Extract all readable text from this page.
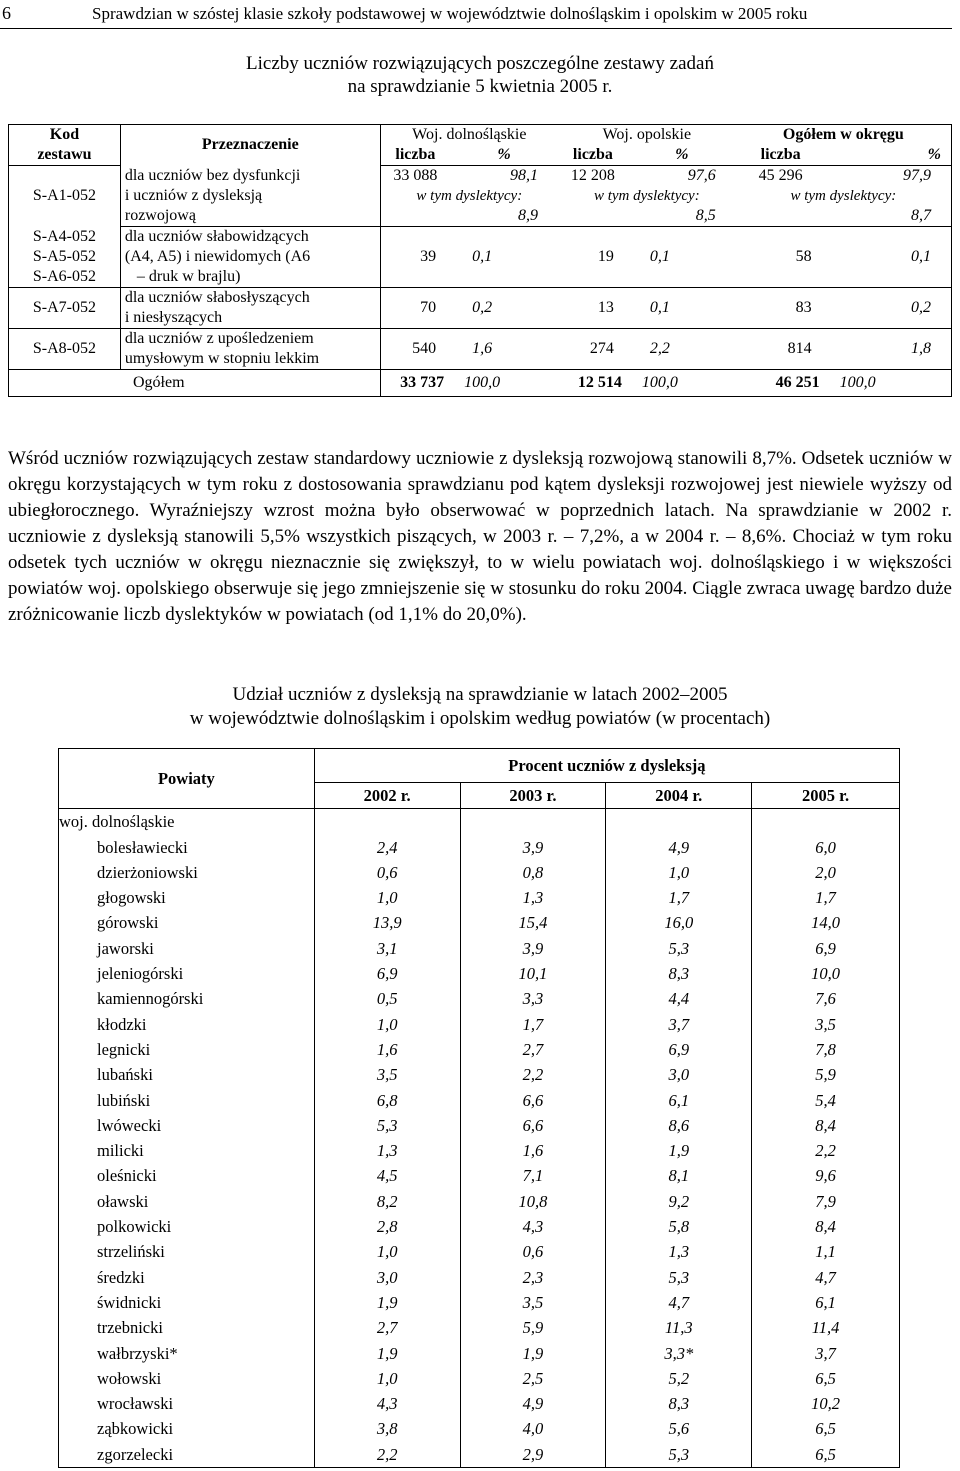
6	Sprawdzian w szóstej klasie szkoły podstawowej w województwie dolnośląskim i opolskim w 2005 roku
Liczby uczniów rozwiązujących poszczególne zestawy zadań
na sprawdzianie 5 kwietnia 2005 r.
Kod	Przeznaczenie	Woj. dolnośląskie		Woj. opolskie		Ogółem w okręgu	
zestawu		liczba	%	liczba	%	liczba	%
S-A1-052	dla uczniów bez dysfunkcji	33 088	98,1	12 208	97,6	45 296	97,9
	i uczniów z dysleksją	w tym dyslektycy:		w tym dyslektycy:		w tym dyslektycy:	
	rozwojową		8,9		8,5		8,7

S-A4-052	dla uczniów słabowidzących	39	0,1	19	0,1	58	0,1
S-A5-052	(A4, A5) i niewidomych (A6						
S-A6-052	– druk w brajlu)						
S-A7-052	dla uczniów słabosłyszących	70	0,2	13	0,1	83	0,2
	i niesłyszących						
S-A8-052	dla uczniów z upośledzeniem	540	1,6	274	2,2	814	1,8
	umysłowym w stopniu lekkim						
Ogółem		33 737	100,0	12 514	100,0	46 251	100,0

Wśród uczniów rozwiązujących zestaw standardowy uczniowie z dysleksją rozwojową stanowili 8,7%. Odsetek uczniów w okręgu korzystających w tym roku z dostosowania sprawdzianu pod kątem dysleksji rozwojowej jest niewiele wyższy od ubiegłorocznego. Wyraźniejszy wzrost można było obserwować w poprzednich latach. Na sprawdzianie w 2002 r. uczniowie z dysleksją stanowili 5,5% wszystkich piszących, w 2003 r. – 7,2%, a w 2004 r. – 8,6%. Chociaż w tym roku odsetek tych uczniów w okręgu nieznacznie się zwiększył, to w wielu powiatach woj. dolnośląskiego i w większości powiatów woj. opolskiego obserwuje się jego zmniejszenie się w stosunku do roku 2004. Ciągle zwraca uwagę bardzo duże zróżnicowanie liczb dyslektyków w powiatach (od 1,1% do 20,0%).

Udział uczniów z dysleksją na sprawdzianie w latach 2002–2005
w województwie dolnośląskim i opolskim według powiatów (w procentach)
Powiaty	Procent uczniów z dysleksją			
	2002 r.	2003 r.	2004 r.	2005 r.
woj. dolnośląskie				
bolesławiecki	2,4	3,9	4,9	6,0
dzierżoniowski	0,6	0,8	1,0	2,0
głogowski	1,0	1,3	1,7	1,7
górowski	13,9	15,4	16,0	14,0
jaworski	3,1	3,9	5,3	6,9
jeleniogórski	6,9	10,1	8,3	10,0
kamiennogórski	0,5	3,3	4,4	7,6
kłodzki	1,0	1,7	3,7	3,5
legnicki	1,6	2,7	6,9	7,8
lubański	3,5	2,2	3,0	5,9
lubiński	6,8	6,6	6,1	5,4
lwówecki	5,3	6,6	8,6	8,4
milicki	1,3	1,6	1,9	2,2
oleśnicki	4,5	7,1	8,1	9,6
oławski	8,2	10,8	9,2	7,9
polkowicki	2,8	4,3	5,8	8,4
strzeliński	1,0	0,6	1,3	1,1
średzki	3,0	2,3	5,3	4,7
świdnicki	1,9	3,5	4,7	6,1
trzebnicki	2,7	5,9	11,3	11,4
wałbrzyski*	1,9	1,9	3,3*	3,7
wołowski	1,0	2,5	5,2	6,5
wrocławski	4,3	4,9	8,3	10,2
ząbkowicki	3,8	4,0	5,6	6,5
zgorzelecki	2,2	2,9	5,3	6,5
